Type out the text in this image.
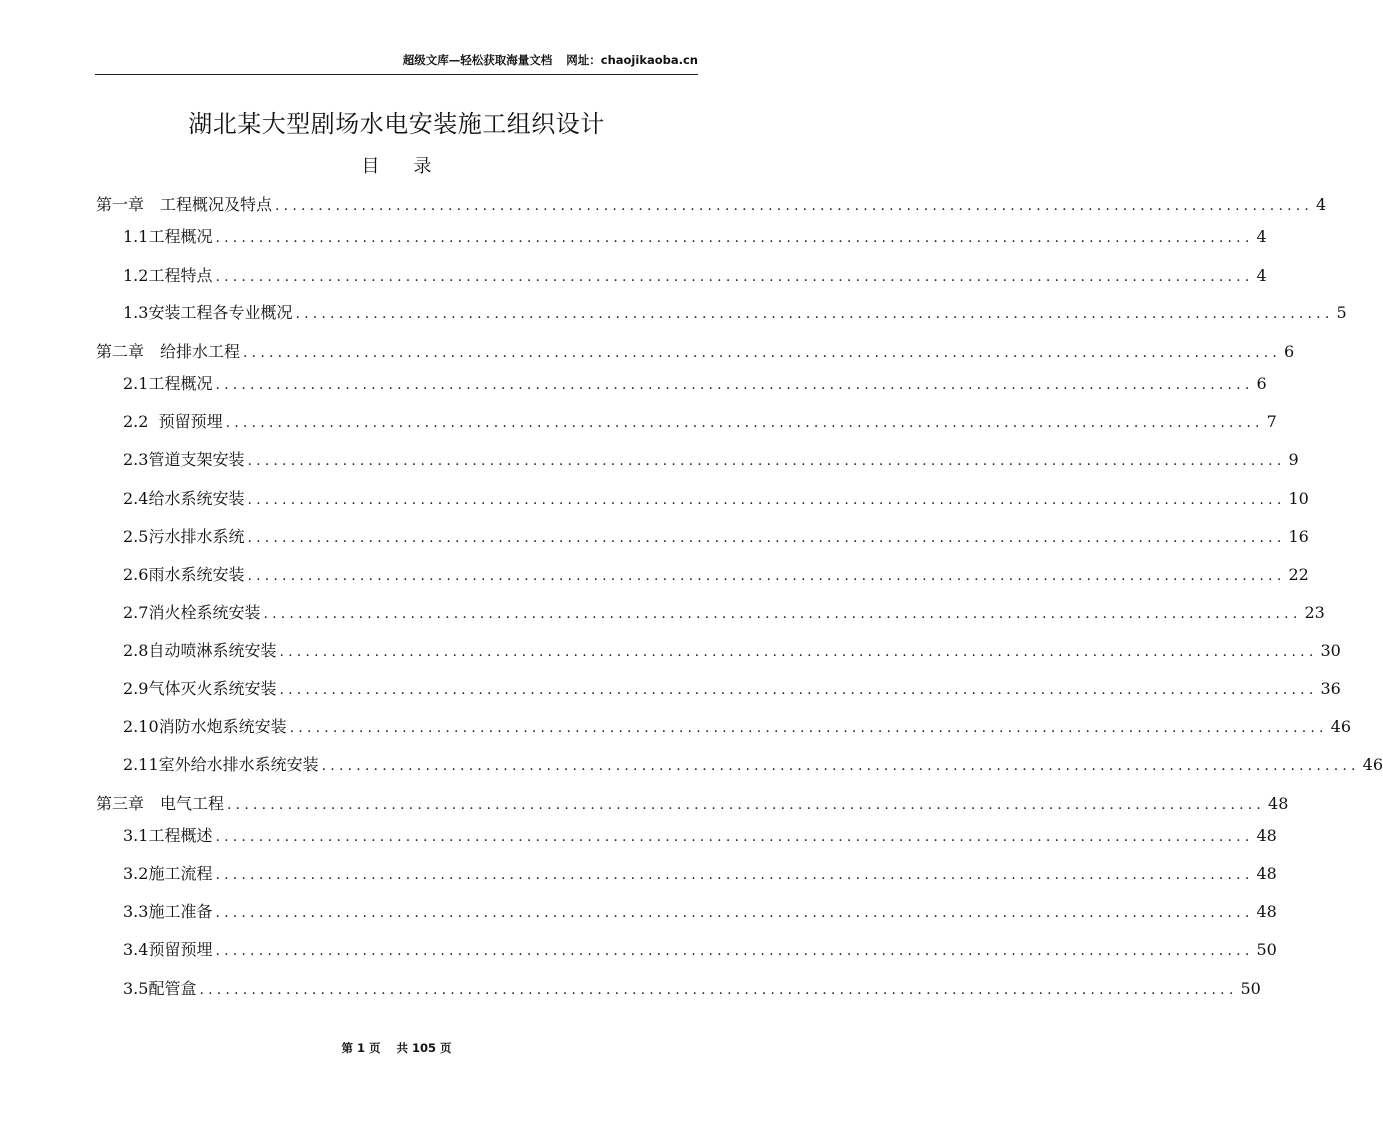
超级文库—轻松获取海量文档 网址：chaojikaoba.cn
湖北某大型剧场水电安装施工组织设计
目录
第一章　工程概况及特点 ........................................................................................................................ 4
1.1工程概况 ........................................................................................................................ 4
1.2工程特点 ........................................................................................................................ 4
1.3安装工程各专业概况 ........................................................................................................................ 5
第二章　给排水工程 ........................................................................................................................ 6
2.1工程概况 ........................................................................................................................ 6
2.2  预留预埋 ........................................................................................................................ 7
2.3管道支架安装 ........................................................................................................................ 9
2.4给水系统安装 ........................................................................................................................ 10
2.5污水排水系统 ........................................................................................................................ 16
2.6雨水系统安装 ........................................................................................................................ 22
2.7消火栓系统安装 ........................................................................................................................ 23
2.8自动喷淋系统安装 ........................................................................................................................ 30
2.9气体灭火系统安装 ........................................................................................................................ 36
2.10消防水炮系统安装 ........................................................................................................................ 46
2.11室外给水排水系统安装 ........................................................................................................................ 46
第三章　电气工程 ........................................................................................................................ 48
3.1工程概述 ........................................................................................................................ 48
3.2施工流程 ........................................................................................................................ 48
3.3施工准备 ........................................................................................................................ 48
3.4预留预埋 ........................................................................................................................ 50
3.5配管盒 ........................................................................................................................ 50
第 1 页    共 105 页
